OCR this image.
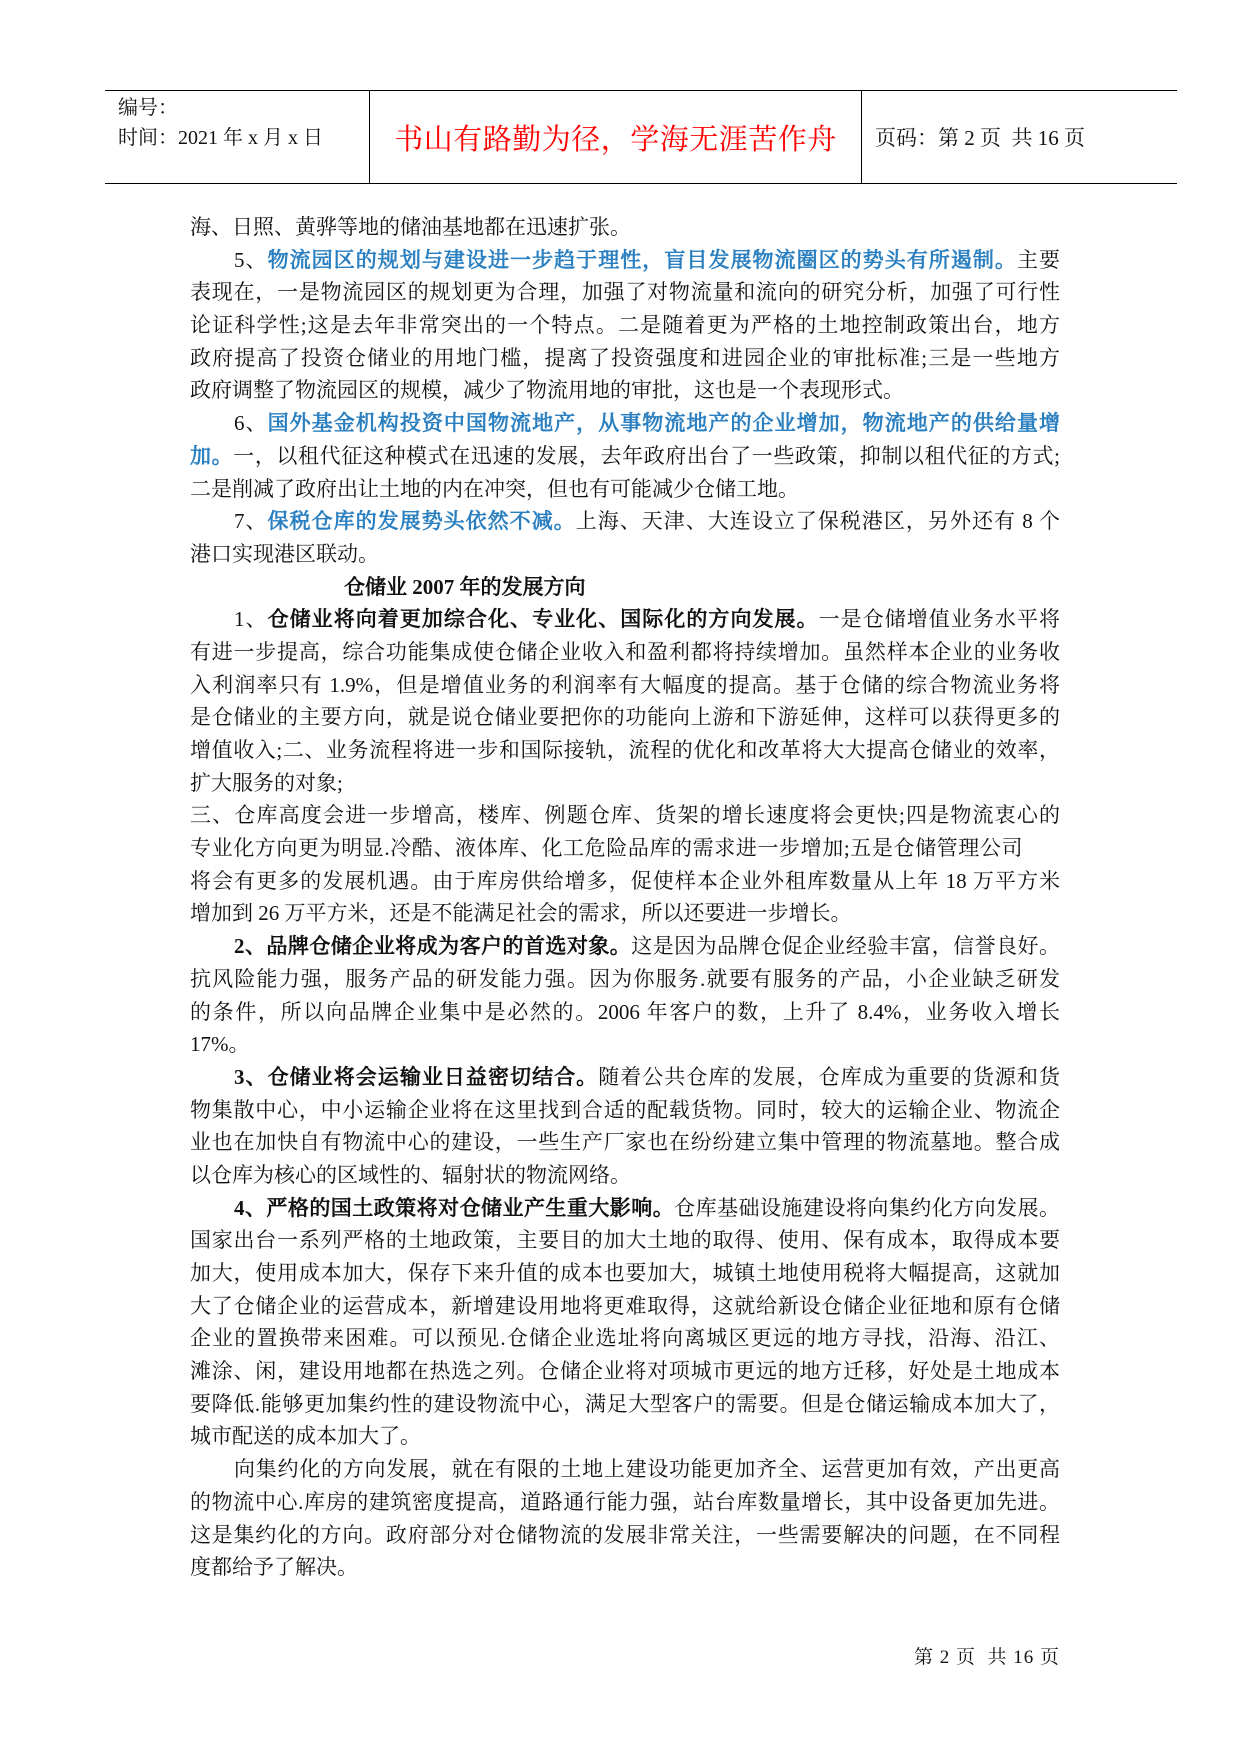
编号：
时间：2021 年 x 月 x 日	书山有路勤为径，学海无涯苦作舟 页码：第 2 页  共 16 页
海、日照、黄骅等地的储油基地都在迅速扩张。
5、物流园区的规划与建设进一步趋于理性，盲目发展物流圈区的势头有所遏制。主要
表现在，一是物流园区的规划更为合理，加强了对物流量和流向的研究分析，加强了可行性
论证科学性;这是去年非常突出的一个特点。二是随着更为严格的土地控制政策出台，地方
政府提高了投资仓储业的用地门槛，提离了投资强度和进园企业的审批标准;三是一些地方
政府调整了物流园区的规模，减少了物流用地的审批，这也是一个表现形式。
6、国外基金机构投资中国物流地产，从事物流地产的企业增加，物流地产的供给量增
加。一，以租代征这种模式在迅速的发展，去年政府出台了一些政策，抑制以租代征的方式;
二是削减了政府出让土地的内在冲突，但也有可能减少仓储工地。
7、保税仓库的发展势头依然不减。上海、天津、大连设立了保税港区，另外还有 8 个
港口实现港区联动。
仓储业 2007 年的发展方向
1、仓储业将向着更加综合化、专业化、国际化的方向发展。一是仓储增值业务水平将
有进一步提高，综合功能集成使仓储企业收入和盈利都将持续增加。虽然样本企业的业务收
入利润率只有 1.9%，但是增值业务的利润率有大幅度的提高。基于仓储的综合物流业务将
是仓储业的主要方向，就是说仓储业要把你的功能向上游和下游延伸，这样可以获得更多的
增值收入;二、业务流程将进一步和国际接轨，流程的优化和改革将大大提高仓储业的效率，
扩大服务的对象;
三、仓库高度会进一步增高，楼库、例题仓库、货架的增长速度将会更快;四是物流衷心的
专业化方向更为明显.冷酷、液体库、化工危险品库的需求进一步增加;五是仓储管理公司
将会有更多的发展机遇。由于库房供给增多，促使样本企业外租库数量从上年 18 万平方米
增加到 26 万平方米，还是不能满足社会的需求，所以还要进一步增长。
2、品牌仓储企业将成为客户的首选对象。这是因为品牌仓促企业经验丰富，信誉良好。
抗风险能力强，服务产品的研发能力强。因为你服务.就要有服务的产品，小企业缺乏研发
的条件，所以向品牌企业集中是必然的。2006 年客户的数，上升了 8.4%，业务收入增长
17%。
3、仓储业将会运输业日益密切结合。随着公共仓库的发展，仓库成为重要的货源和货
物集散中心，中小运输企业将在这里找到合适的配载货物。同时，较大的运输企业、物流企
业也在加快自有物流中心的建设，一些生产厂家也在纷纷建立集中管理的物流墓地。整合成
以仓库为核心的区域性的、辐射状的物流网络。
4、严格的国土政策将对仓储业产生重大影响。仓库基础设施建设将向集约化方向发展。
国家出台一系列严格的土地政策，主要目的加大土地的取得、使用、保有成本，取得成本要
加大，使用成本加大，保存下来升值的成本也要加大，城镇土地使用税将大幅提高，这就加
大了仓储企业的运营成本，新增建设用地将更难取得，这就给新设仓储企业征地和原有仓储
企业的置换带来困难。可以预见.仓储企业选址将向离城区更远的地方寻找，沿海、沿江、
滩涂、闲，建设用地都在热选之列。仓储企业将对项城市更远的地方迁移，好处是土地成本
要降低.能够更加集约性的建设物流中心，满足大型客户的需要。但是仓储运输成本加大了，
城市配送的成本加大了。
向集约化的方向发展，就在有限的土地上建设功能更加齐全、运营更加有效，产出更高
的物流中心.库房的建筑密度提高，道路通行能力强，站台库数量增长，其中设备更加先进。
这是集约化的方向。政府部分对仓储物流的发展非常关注，一些需要解决的问题，在不同程
度都给予了解决。
第 2 页  共 16 页
